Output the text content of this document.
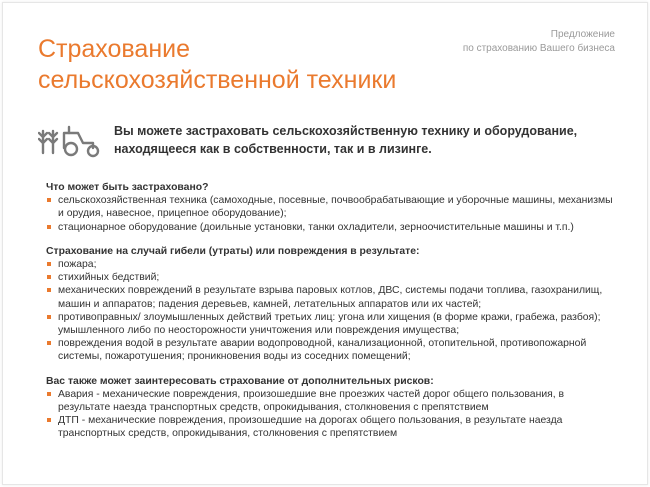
Страхование
сельскохозяйственной техники
Предложение
по страхованию Вашего бизнеса
Вы можете застраховать сельскохозяйственную технику и оборудование,
находящееся как в собственности, так и в лизинге.
Что может быть застраховано?
сельскохозяйственная техника (самоходные, посевные, почвообрабатывающие и уборочные машины, механизмы и орудия, навесное, прицепное оборудование);
стационарное оборудование (доильные установки, танки охладители, зерноочистительные машины и т.п.)
Страхование на случай гибели (утраты) или повреждения в результате:
пожара;
стихийных бедствий;
механических повреждений в результате взрыва паровых котлов, ДВС, системы подачи топлива, газохранилищ, машин и аппаратов; падения деревьев, камней, летательных аппаратов или их частей;
противоправных/ злоумышленных действий третьих лиц: угона или хищения (в форме кражи, грабежа, разбоя); умышленного либо по неосторожности уничтожения или повреждения имущества;
повреждения водой в результате аварии водопроводной, канализационной, отопительной, противопожарной системы, пожаротушения; проникновения воды из соседних помещений;
Вас также может заинтересовать страхование от дополнительных рисков:
Авария - механические повреждения, произошедшие вне проезжих частей дорог общего пользования, в результате наезда транспортных средств, опрокидывания, столкновения с препятствием
ДТП - механические повреждения, произошедшие на дорогах общего пользования, в результате наезда транспортных средств, опрокидывания, столкновения с препятствием
